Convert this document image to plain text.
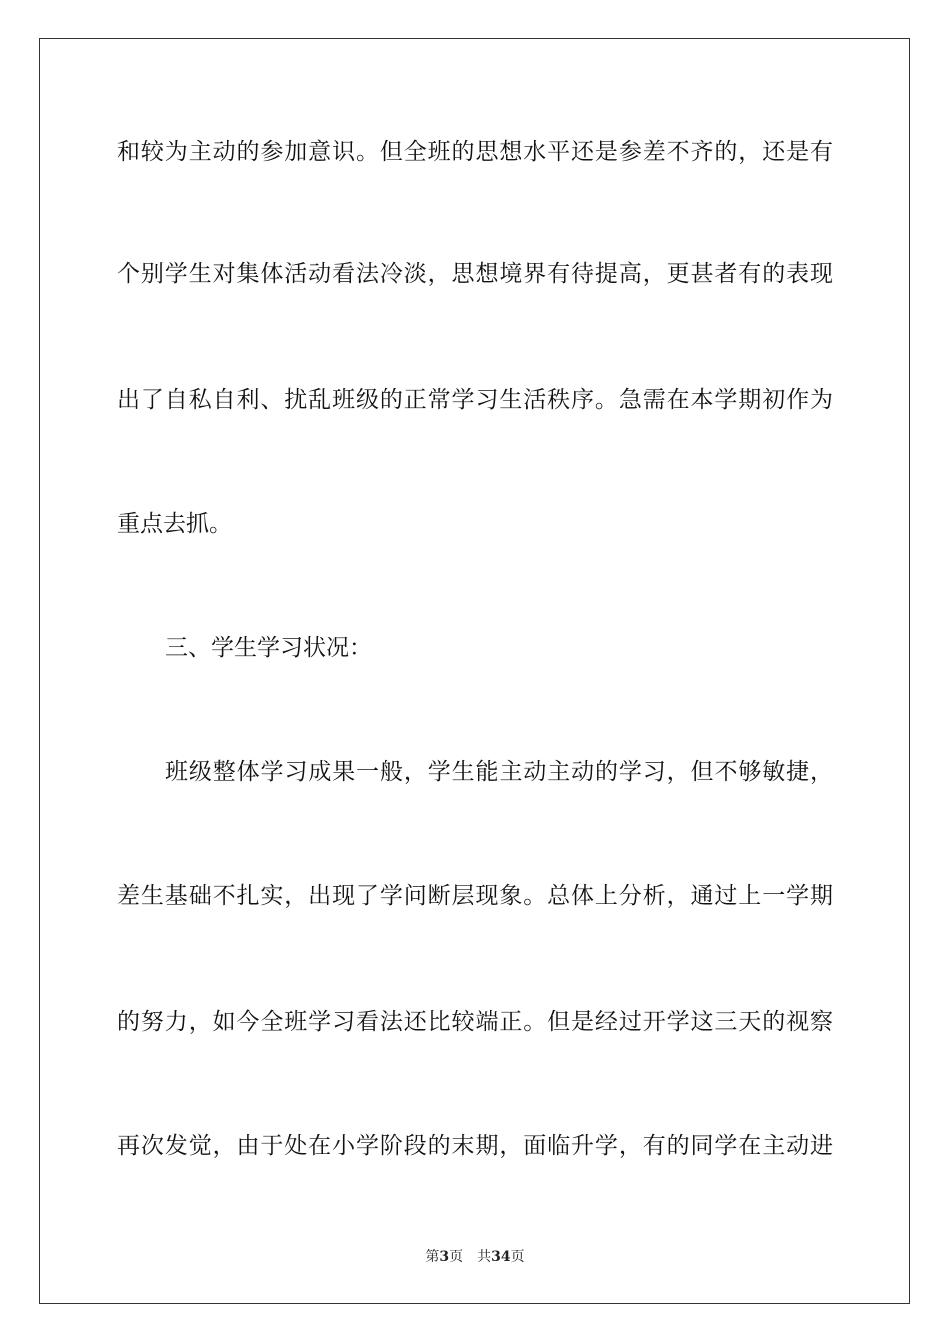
和较为主动的参加意识。但全班的思想水平还是参差不齐的，还是有
个别学生对集体活动看法冷淡，思想境界有待提高，更甚者有的表现
出了自私自利、扰乱班级的正常学习生活秩序。急需在本学期初作为
重点去抓。
三、学生学习状况：
班级整体学习成果一般，学生能主动主动的学习，但不够敏捷，
差生基础不扎实，出现了学问断层现象。总体上分析，通过上一学期
的努力，如今全班学习看法还比较端正。但是经过开学这三天的视察
再次发觉，由于处在小学阶段的末期，面临升学，有的同学在主动进
第3页 共34页
